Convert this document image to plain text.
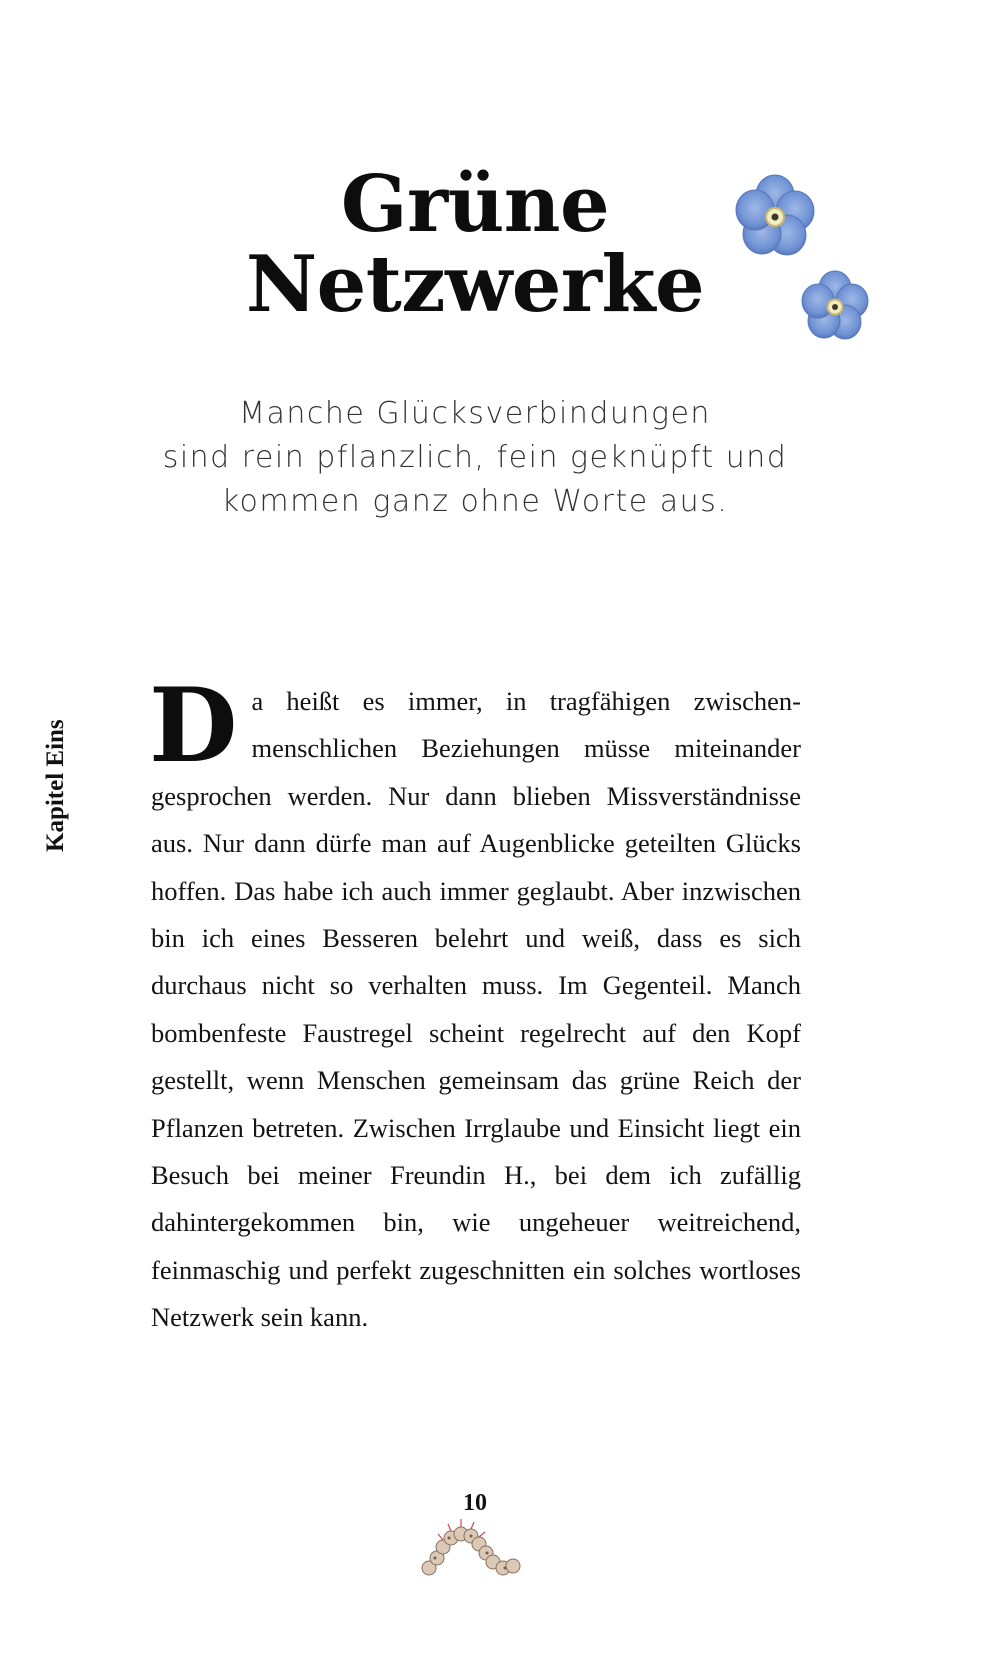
Grüne
Netzwerke
Manche Glücksverbindungen
sind rein pflanzlich, fein geknüpft und
kommen ganz ohne Worte aus.
Kapitel Eins D a heißt es immer, in tragfähigen zwischenmenschlichen Beziehungen müsse miteinander gesprochen werden. Nur dann blieben Missverständnisse aus. Nur dann dürfe man auf Augenblicke geteilten Glücks hoffen. Das habe ich auch immer geglaubt. Aber inzwischen bin ich eines Besseren belehrt und weiß, dass es sich durchaus nicht so verhalten muss. Im Gegenteil. Manch bombenfeste Faustregel scheint regelrecht auf den Kopf gestellt, wenn Menschen gemeinsam das grüne Reich der Pflanzen betreten. Zwischen Irrglaube und Einsicht liegt ein Besuch bei meiner Freundin H., bei dem ich zufällig dahintergekommen bin, wie ungeheuer weitreichend, feinmaschig und perfekt zugeschnitten ein solches wortloses Netzwerk sein kann.
10
